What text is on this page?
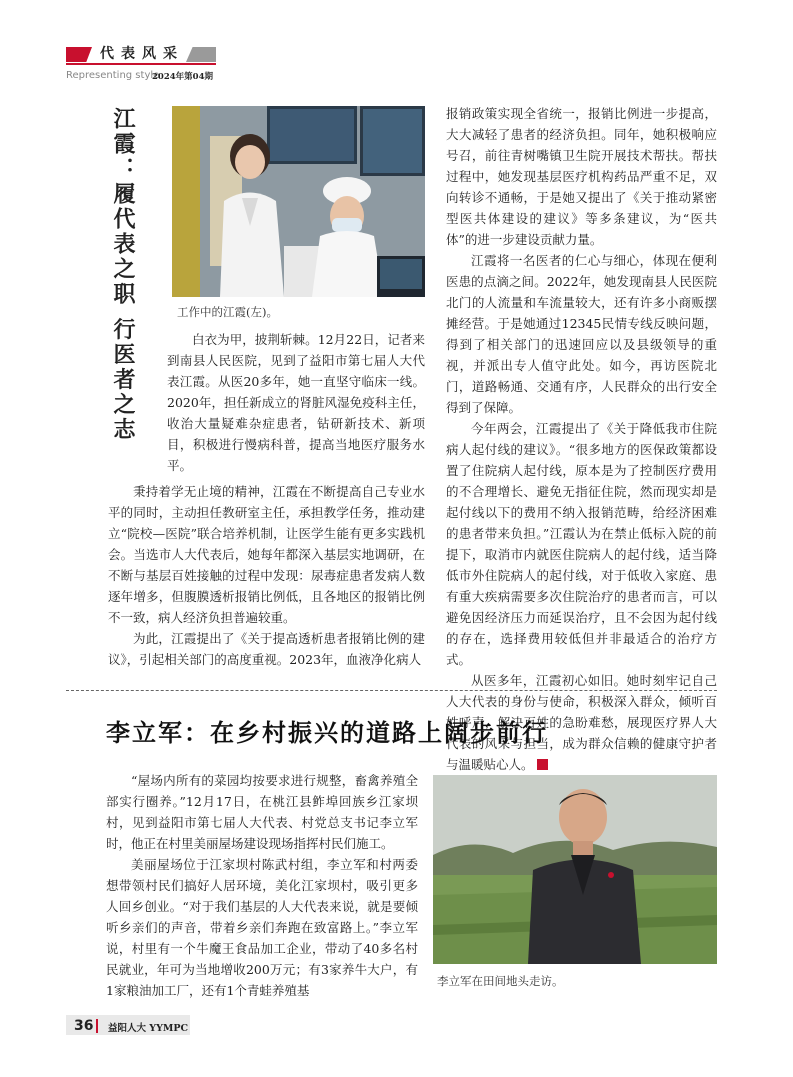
代表风采
Representing style
2024年第04期
江霞：履代表之职 行医者之志	工作中的江霞(左)。

白衣为甲，披荆斩棘。12月22日，记者来到南县人民医院，见到了益阳市第七届人大代表江霞。从医20多年，她一直坚守临床一线。2020年，担任新成立的肾脏风湿免疫科主任，收治大量疑难杂症患者，钻研新技术、新项目，积极进行慢病科普，提高当地医疗服务水平。

秉持着学无止境的精神，江霞在不断提高自己专业水平的同时，主动担任教研室主任，承担教学任务，推动建立“院校—医院”联合培养机制，让医学生能有更多实践机会。当选市人大代表后，她每年都深入基层实地调研，在不断与基层百姓接触的过程中发现：尿毒症患者发病人数逐年增多，但腹膜透析报销比例低，且各地区的报销比例不一致，病人经济负担普遍较重。

为此，江霞提出了《关于提高透析患者报销比例的建议》，引起相关部门的高度重视。2023年，血液净化病人

报销政策实现全省统一，报销比例进一步提高，大大减轻了患者的经济负担。同年，她积极响应号召，前往青树嘴镇卫生院开展技术帮扶。帮扶过程中，她发现基层医疗机构药品严重不足，双向转诊不通畅，于是她又提出了《关于推动紧密型医共体建设的建议》等多条建议，为“医共体”的进一步建设贡献力量。

江霞将一名医者的仁心与细心，体现在便利医患的点滴之间。2022年，她发现南县人民医院北门的人流量和车流量较大，还有许多小商贩摆摊经营。于是她通过12345民情专线反映问题，得到了相关部门的迅速回应以及县级领导的重视，并派出专人值守此处。如今，再访医院北门，道路畅通、交通有序，人民群众的出行安全得到了保障。

今年两会，江霞提出了《关于降低我市住院病人起付线的建议》。“很多地方的医保政策都设置了住院病人起付线，原本是为了控制医疗费用的不合理增长、避免无指征住院，然而现实却是起付线以下的费用不纳入报销范畴，给经济困难的患者带来负担。”江霞认为在禁止低标入院的前提下，取消市内就医住院病人的起付线，适当降低市外住院病人的起付线，对于低收入家庭、患有重大疾病需要多次住院治疗的患者而言，可以避免因经济压力而延误治疗，且不会因为起付线的存在，选择费用较低但并非最适合的治疗方式。

从医多年，江霞初心如旧。她时刻牢记自己人大代表的身份与使命，积极深入群众，倾听百姓呼声，解决百姓的急盼难愁，展现医疗界人大代表的风采与担当，成为群众信赖的健康守护者与温暖贴心人。

李立军：在乡村振兴的道路上阔步前行

“屋场内所有的菜园均按要求进行规整，畜禽养殖全部实行圈养。”12月17日，在桃江县鲊埠回族乡江家坝村，见到益阳市第七届人大代表、村党总支书记李立军时，他正在村里美丽屋场建设现场指挥村民们施工。

美丽屋场位于江家坝村陈武村组，李立军和村两委想带领村民们搞好人居环境，美化江家坝村，吸引更多人回乡创业。“对于我们基层的人大代表来说，就是要倾听乡亲们的声音，带着乡亲们奔跑在致富路上。”李立军说，村里有一个牛魔王食品加工企业，带动了40多名村民就业，年可为当地增收200万元；有3家养牛大户，有1家粮油加工厂，还有1个青蛙养殖基

李立军在田间地头走访。
36 益阳人大 YYMPC
